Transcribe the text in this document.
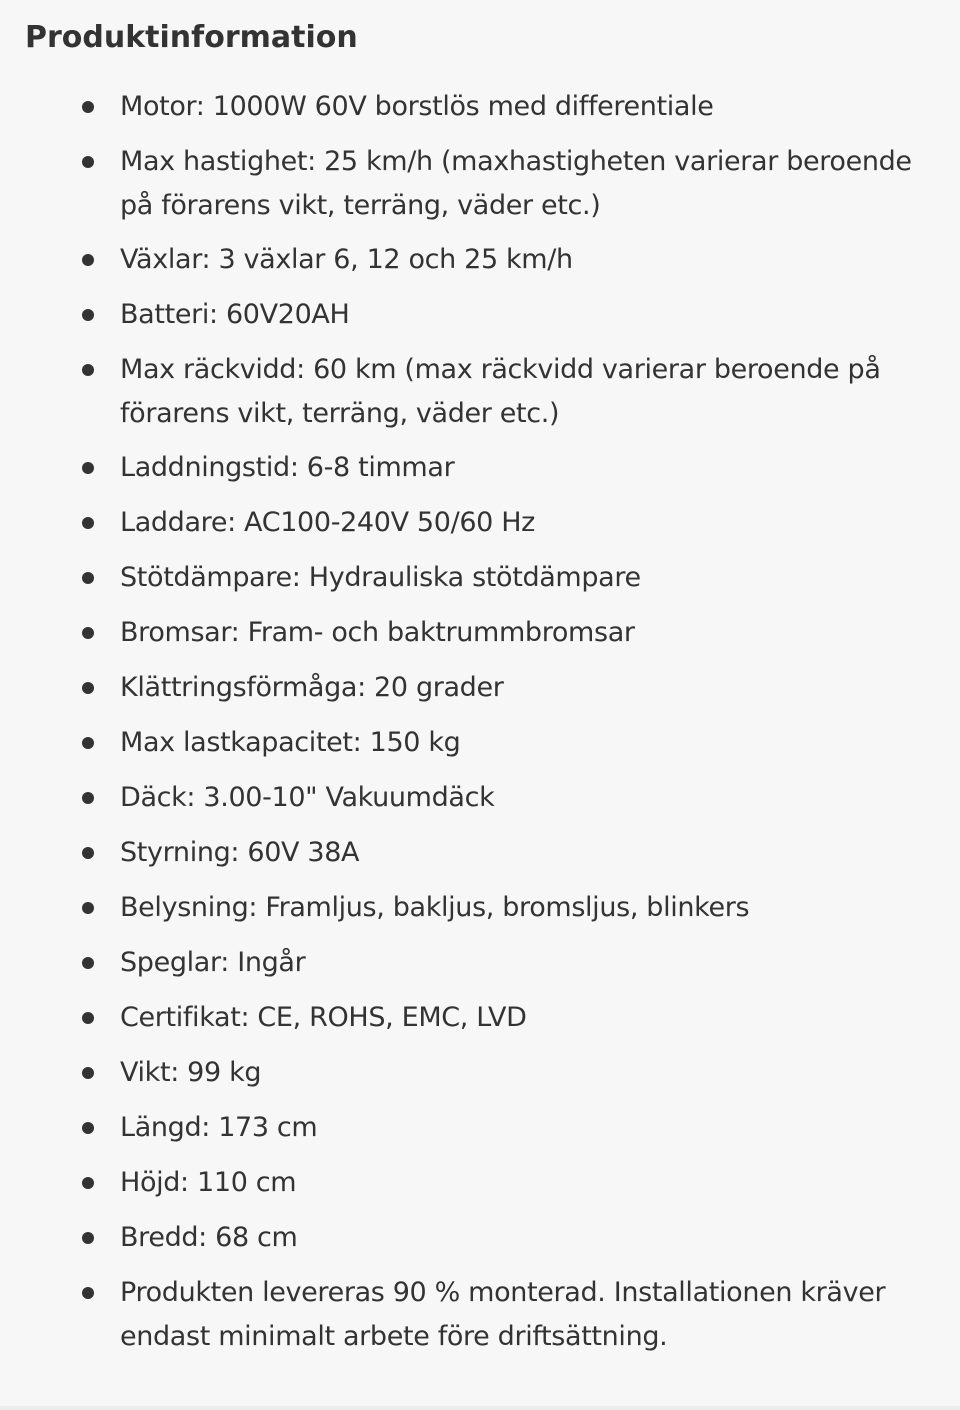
Produktinformation
Motor: 1000W 60V borstlös med differentiale
Max hastighet: 25 km/h (maxhastigheten varierar beroende på förarens vikt, terräng, väder etc.)
Växlar: 3 växlar 6, 12 och 25 km/h
Batteri: 60V20AH
Max räckvidd: 60 km (max räckvidd varierar beroende på förarens vikt, terräng, väder etc.)
Laddningstid: 6-8 timmar
Laddare: AC100-240V 50/60 Hz
Stötdämpare: Hydrauliska stötdämpare
Bromsar: Fram- och baktrummbromsar
Klättringsförmåga: 20 grader
Max lastkapacitet: 150 kg
Däck: 3.00-10" Vakuumdäck
Styrning: 60V 38A
Belysning: Framljus, bakljus, bromsljus, blinkers
Speglar: Ingår
Certifikat: CE, ROHS, EMC, LVD
Vikt: 99 kg
Längd: 173 cm
Höjd: 110 cm
Bredd: 68 cm
Produkten levereras 90 % monterad. Installationen kräver endast minimalt arbete före driftsättning.
